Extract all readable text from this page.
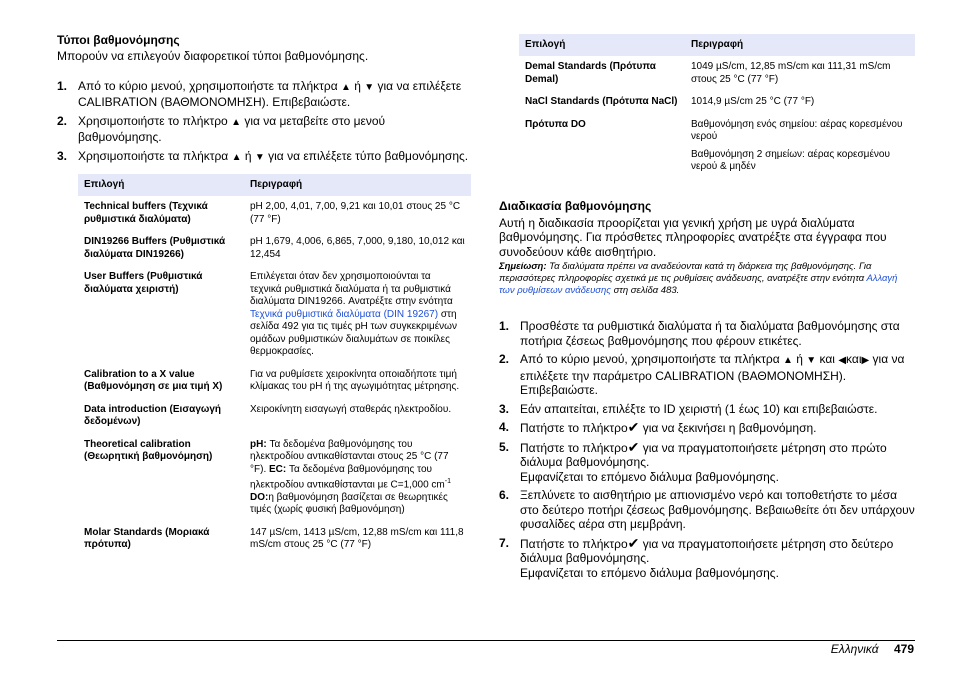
Τύποι βαθμονόμησης

Μπορούν να επιλεγούν διαφορετικοί τύποι βαθμονόμησης.

1. Από το κύριο μενού, χρησιμοποιήστε τα πλήκτρα ▲ ή ▼ για να επιλέξετε CALIBRATION (ΒΑΘΜΟΝΟΜΗΣΗ). Επιβεβαιώστε.
2. Χρησιμοποιήστε το πλήκτρο ▲ για να μεταβείτε στο μενού βαθμονόμησης.
3. Χρησιμοποιήστε τα πλήκτρα ▲ ή ▼ για να επιλέξετε τύπο βαθμονόμησης.
Επιλογή	Περιγραφή
Technical buffers (Τεχνικά ρυθμιστικά διαλύματα)	pH 2,00, 4,01, 7,00, 9,21 και 10,01 στους 25 °C (77 °F)
DIN19266 Buffers (Ρυθμιστικά διαλύματα DIN19266)	pH 1,679, 4,006, 6,865, 7,000, 9,180, 10,012 και 12,454
User Buffers (Ρυθμιστικά διαλύματα χειριστή)	Επιλέγεται όταν δεν χρησιμοποιούνται τα τεχνικά ρυθμιστικά διαλύματα ή τα ρυθμιστικά διαλύματα DIN19266. Ανατρέξτε στην ενότητα Τεχνικά ρυθμιστικά διαλύματα (DIN 19267) στη σελίδα 492 για τις τιμές pH των συγκεκριμένων ομάδων ρυθμιστικών διαλυμάτων σε ποικίλες θερμοκρασίες.
Calibration to a X value (Βαθμονόμηση σε μια τιμή X)	Για να ρυθμίσετε χειροκίνητα οποιαδήποτε τιμή κλίμακας του pH ή της αγωγιμότητας μέτρησης.
Data introduction (Εισαγωγή δεδομένων)	Χειροκίνητη εισαγωγή σταθεράς ηλεκτροδίου.
Theoretical calibration (Θεωρητική βαθμονόμηση)	pH: Τα δεδομένα βαθμονόμησης του ηλεκτροδίου αντικαθίστανται στους 25 °C (77 °F). EC: Τα δεδομένα βαθμονόμησης του ηλεκτροδίου αντικαθίστανται με C=1,000 $cm^{-1}$ DO:η βαθμονόμηση βασίζεται σε θεωρητικές τιμές (χωρίς φυσική βαθμονόμηση)
Molar Standards (Μοριακά πρότυπα)	147 µS/cm, 1413 µS/cm, 12,88 mS/cm και 111,8 mS/cm στους 25 °C (77 °F)
Επιλογή	Περιγραφή
Demal Standards (Πρότυπα Demal)	1049 µS/cm, 12,85 mS/cm και 111,31 mS/cm στους 25 °C (77 °F)
NaCl Standards (Πρότυπα NaCl)	1014,9 µS/cm 25 °C (77 °F)
Πρότυπα DO	Βαθμονόμηση ενός σημείου: αέρας κορεσμένου νερού
Βαθμονόμηση 2 σημείων: αέρας κορεσμένου νερού & μηδέν
Διαδικασία βαθμονόμησης

Αυτή η διαδικασία προορίζεται για γενική χρήση με υγρά διαλύματα βαθμονόμησης. Για πρόσθετες πληροφορίες ανατρέξτε στα έγγραφα που συνοδεύουν κάθε αισθητήριο.

Σημείωση: Τα διαλύματα πρέπει να αναδεύονται κατά τη διάρκεια της βαθμονόμησης. Για περισσότερες πληροφορίες σχετικά με τις ρυθμίσεις ανάδευσης, ανατρέξτε στην ενότητα Αλλαγή των ρυθμίσεων ανάδευσης στη σελίδα 483.

1. Προσθέστε τα ρυθμιστικά διαλύματα ή τα διαλύματα βαθμονόμησης στα ποτήρια ζέσεως βαθμονόμησης που φέρουν ετικέτες.
2. Από το κύριο μενού, χρησιμοποιήστε τα πλήκτρα ▲ ή ▼ και ◀και▶ για να επιλέξετε την παράμετρο CALIBRATION (ΒΑΘΜΟΝΟΜΗΣΗ). Επιβεβαιώστε.
3. Εάν απαιτείται, επιλέξτε το ID χειριστή (1 έως 10) και επιβεβαιώστε.
4. Πατήστε το πλήκτρο✔ για να ξεκινήσει η βαθμονόμηση.
5. Πατήστε το πλήκτρο✔ για να πραγματοποιήσετε μέτρηση στο πρώτο διάλυμα βαθμονόμησης.
Εμφανίζεται το επόμενο διάλυμα βαθμονόμησης.
6. Ξεπλύνετε το αισθητήριο με απιονισμένο νερό και τοποθετήστε το μέσα στο δεύτερο ποτήρι ζέσεως βαθμονόμησης. Βεβαιωθείτε ότι δεν υπάρχουν φυσαλίδες αέρα στη μεμβράνη.
7. Πατήστε το πλήκτρο✔ για να πραγματοποιήσετε μέτρηση στο δεύτερο διάλυμα βαθμονόμησης.
Εμφανίζεται το επόμενο διάλυμα βαθμονόμησης.
Ελληνικά 479
